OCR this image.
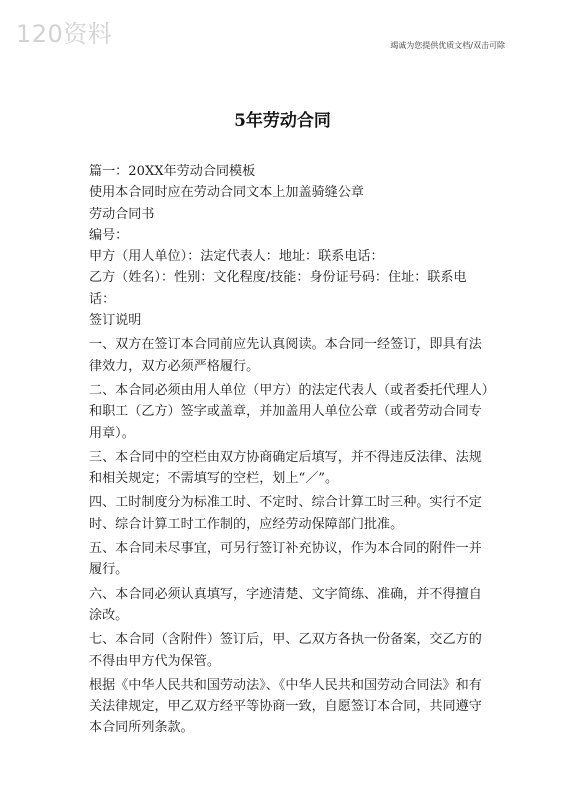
120资料	竭诚为您提供优质文档/双击可除
5年劳动合同

篇一：20XX年劳动合同模板

使用本合同时应在劳动合同文本上加盖骑缝公章

劳动合同书

编号：

甲方（用人单位）：法定代表人：地址：联系电话：

乙方（姓名）：性别：文化程度/技能：身份证号码：住址：联系电话：

签订说明

一、双方在签订本合同前应先认真阅读。本合同一经签订，即具有法律效力，双方必须严格履行。

二、本合同必须由用人单位（甲方）的法定代表人（或者委托代理人）和职工（乙方）签字或盖章，并加盖用人单位公章（或者劳动合同专用章）。

三、本合同中的空栏由双方协商确定后填写，并不得违反法律、法规和相关规定；不需填写的空栏，划上“／”。

四、工时制度分为标准工时、不定时、综合计算工时三种。实行不定时、综合计算工时工作制的，应经劳动保障部门批准。

五、本合同未尽事宜，可另行签订补充协议，作为本合同的附件一并履行。

六、本合同必须认真填写，字迹清楚、文字简练、准确，并不得擅自涂改。

七、本合同（含附件）签订后，甲、乙双方各执一份备案，交乙方的不得由甲方代为保管。

根据《中华人民共和国劳动法》、《中华人民共和国劳动合同法》和有关法律规定，甲乙双方经平等协商一致，自愿签订本合同，共同遵守本合同所列条款。
